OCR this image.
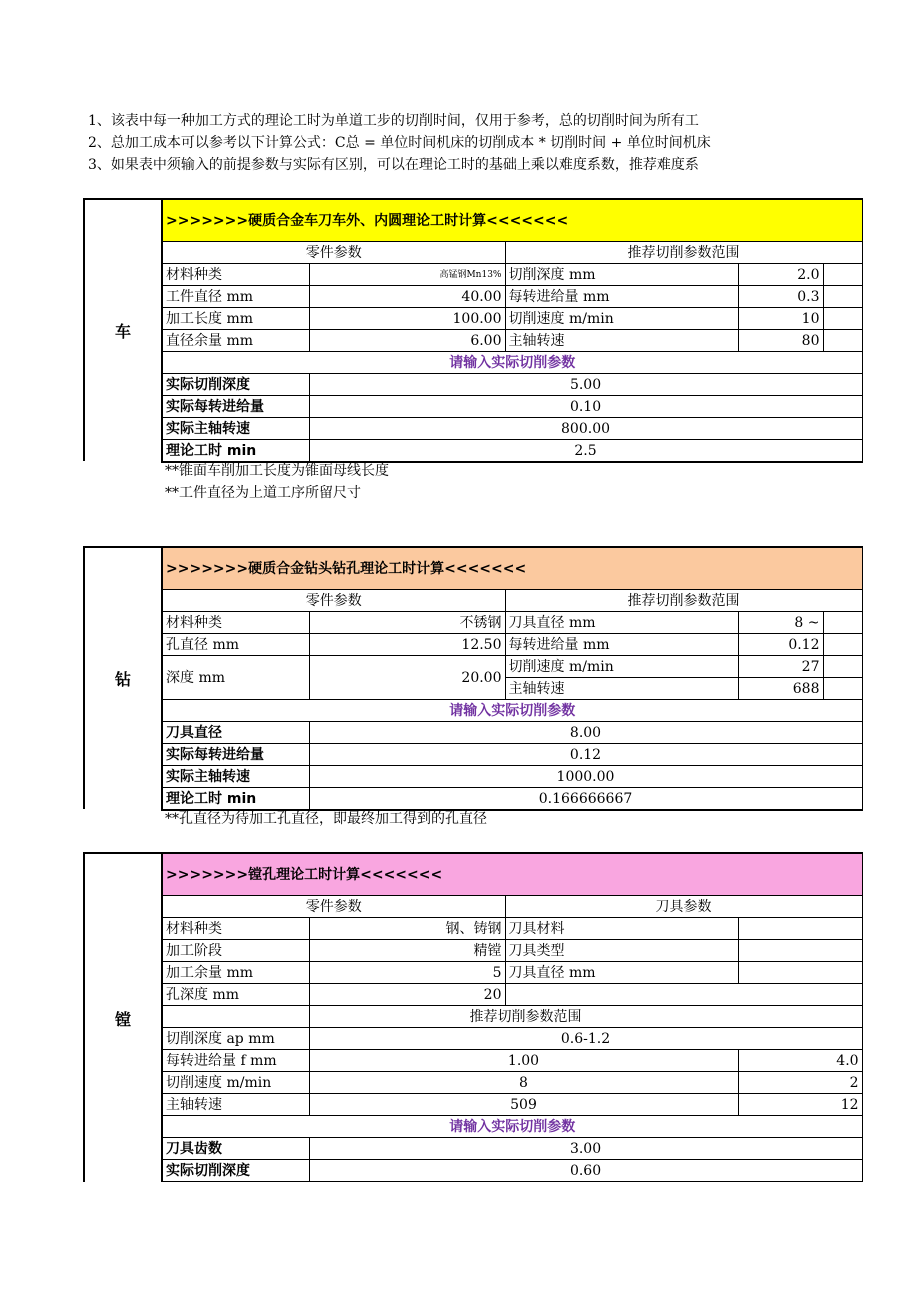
1、该表中每一种加工方式的理论工时为单道工步的切削时间，仅用于参考，总的切削时间为所有工
2、总加工成本可以参考以下计算公式：C总 = 单位时间机床的切削成本 * 切削时间 + 单位时间机床
3、如果表中须输入的前提参数与实际有区别，可以在理论工时的基础上乘以难度系数，推荐难度系
车
>>>>>>>硬质合金车刀车外、内圆理论工时计算<<<<<<<				
零件参数		推荐切削参数范围		
材料种类	高锰钢Mn13%	切削深度 mm	2.0	
工件直径 mm	40.00	每转进给量 mm	0.3	
加工长度 mm	100.00	切削速度 m/min	10	
直径余量 mm	6.00	主轴转速	80	
请输入实际切削参数				
实际切削深度	5.00			
实际每转进给量	0.10			
实际主轴转速	800.00			
理论工时 min	2.5			
**锥面车削加工长度为锥面母线长度
**工件直径为上道工序所留尺寸
钻
>>>>>>>硬质合金钻头钻孔理论工时计算<<<<<<<				
零件参数		推荐切削参数范围		
材料种类	不锈钢	刀具直径 mm	8 ~	
孔直径 mm	12.50	每转进给量 mm	0.12	
深度 mm	20.00	切削速度 m/min	27	
		主轴转速	688	
请输入实际切削参数				
刀具直径	8.00			
实际每转进给量	0.12			
实际主轴转速	1000.00			
理论工时 min	0.166666667			
**孔直径为待加工孔直径，即最终加工得到的孔直径
镗
>>>>>>>镗孔理论工时计算<<<<<<<			
零件参数		刀具参数	
材料种类	钢、铸钢	刀具材料	
加工阶段	精镗	刀具类型	
加工余量 mm	5	刀具直径 mm	
孔深度 mm	20		
	推荐切削参数范围		
切削深度 ap mm	0.6-1.2		
每转进给量 f mm	1.00		4.0
切削速度 m/min	8		2
主轴转速	509		12
请输入实际切削参数			
刀具齿数	3.00		
实际切削深度	0.60		
